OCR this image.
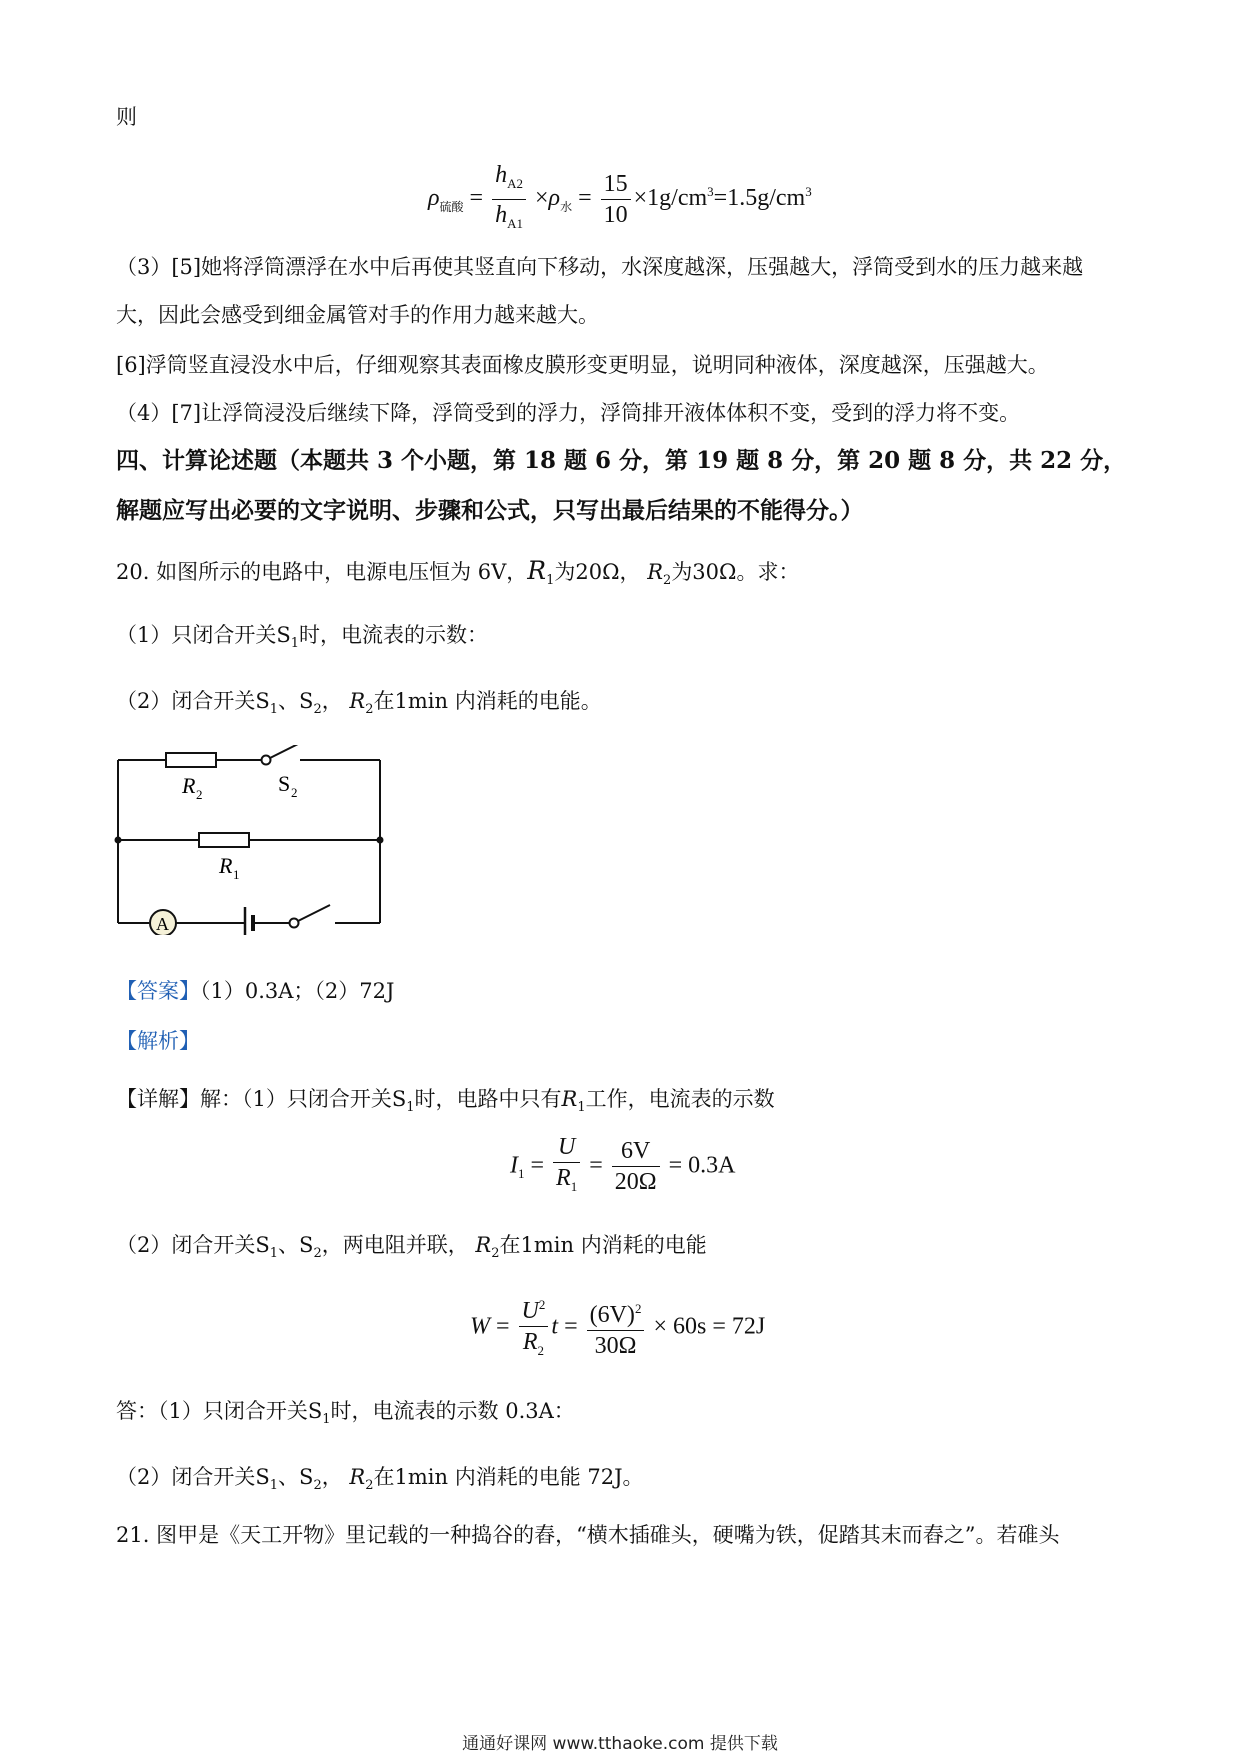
则
$\rho_{硫酸} = \frac{h_{A2}}{h_{A1}} \times\rho_水 = \frac{15}{10} \times 1g/cm^3=1.5g/cm^3$
（3）[5]她将浮筒漂浮在水中后再使其竖直向下移动，水深度越深，压强越大，浮筒受到水的压力越来越
大，因此会感受到细金属管对手的作用力越来越大。
[6]浮筒竖直浸没水中后，仔细观察其表面橡皮膜形变更明显，说明同种液体，深度越深，压强越大。
（4）[7]让浮筒浸没后继续下降，浮筒受到的浮力，浮筒排开液体体积不变，受到的浮力将不变。
四、计算论述题（本题共 3 个小题，第 18 题 6 分，第 19 题 8 分，第 20 题 8 分，共 22 分，
解题应写出必要的文字说明、步骤和公式，只写出最后结果的不能得分。）
20. 如图所示的电路中，电源电压恒为 6V，$R_1$为20Ω， $R_2$为30Ω。求：
（1）只闭合开关$S_1$时，电流表的示数：
（2）闭合开关$S_1$、$S_2$， $R_2$在1min 内消耗的电能。
R 2	S 2
R 1
A
【答案】（1）0.3A；（2）72J
【解析】
【详解】解：（1）只闭合开关$S_1$时，电路中只有$R_1$工作，电流表的示数
$I_1 = \frac{U}{R_1} = \frac{6V}{20\Omega} = 0.3A$
（2）闭合开关$S_1$、$S_2$，两电阻并联， $R_2$在1min 内消耗的电能
$W = \frac{U^2}{R_2}$ $t = \frac{(6V)^2}{30\Omega} \times 60s = 72J$
答：（1）只闭合开关$S_1$时，电流表的示数 0.3A：
（2）闭合开关$S_1$、$S_2$， $R_2$在1min 内消耗的电能 72J。
21. 图甲是《天工开物》里记载的一种捣谷的舂，“横木插碓头，硬嘴为铁，促踏其末而舂之”。若碓头
通通好课网 www.tthaoke.com 提供下载
